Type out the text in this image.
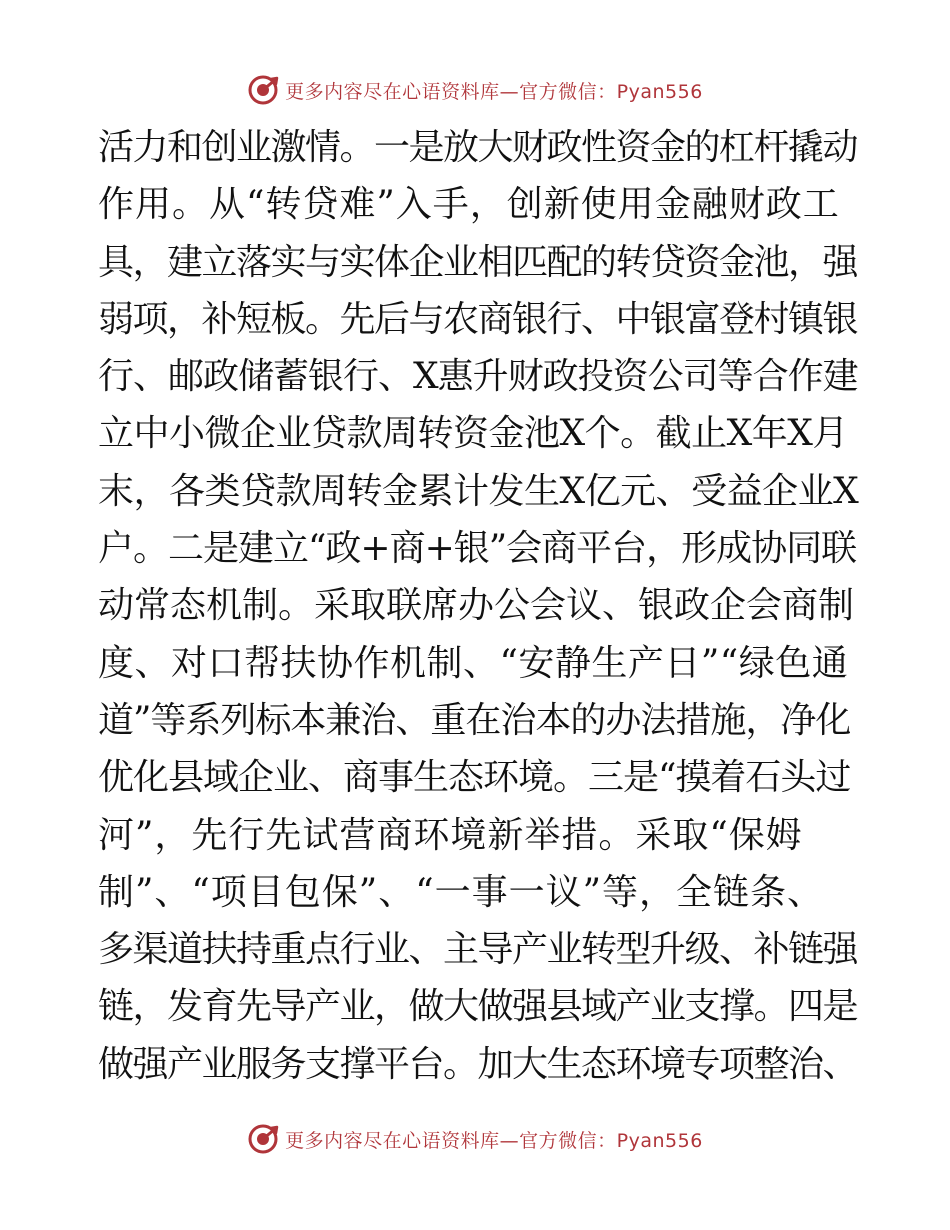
更多内容尽在心语资料库—官方微信：Pyan556
活力和创业激情。一是放大财政性资金的杠杆撬动
作用。从“转贷难”入手，创新使用金融财政工
具，建立落实与实体企业相匹配的转贷资金池，强
弱项，补短板。先后与农商银行、中银富登村镇银
行、邮政储蓄银行、X惠升财政投资公司等合作建
立中小微企业贷款周转资金池X个。截止X年X月
末，各类贷款周转金累计发生X亿元、受益企业X
户。二是建立“政+商+银”会商平台，形成协同联
动常态机制。采取联席办公会议、银政企会商制
度、对口帮扶协作机制、“安静生产日”“绿色通
道”等系列标本兼治、重在治本的办法措施，净化
优化县域企业、商事生态环境。三是“摸着石头过
河”，先行先试营商环境新举措。采取“保姆
制”、“项目包保”、“一事一议”等，全链条、
多渠道扶持重点行业、主导产业转型升级、补链强
链，发育先导产业，做大做强县域产业支撑。四是
做强产业服务支撑平台。加大生态环境专项整治、
更多内容尽在心语资料库—官方微信：Pyan556
